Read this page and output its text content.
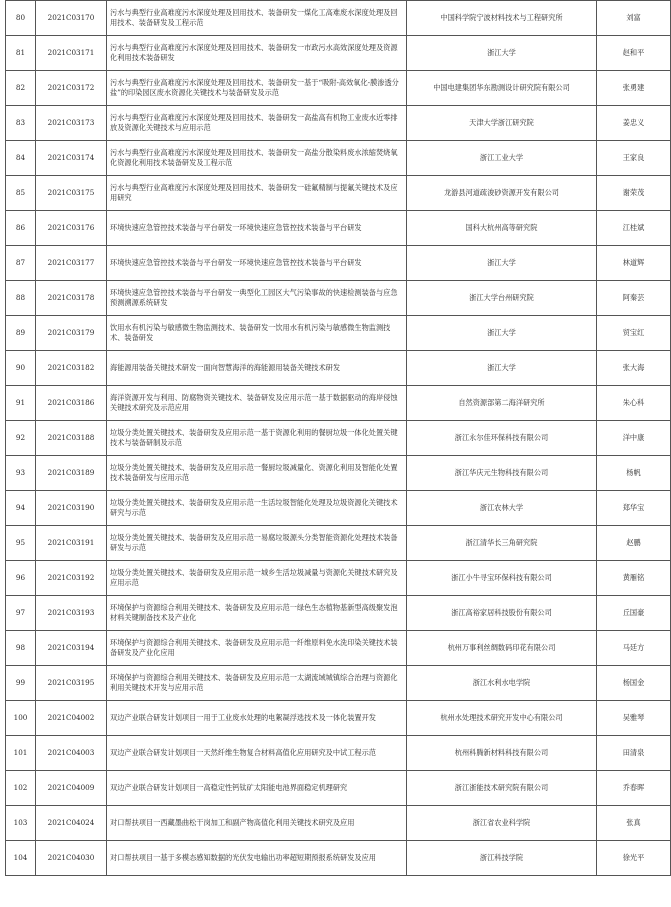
80	2021C03170	污水与典型行业高难度污水深度处理及回用技术、装备研发一煤化工高难废水深度处理及回用技术、装备研发及工程示范	中国科学院宁波材料技术与工程研究所	刘富
81	2021C03171	污水与典型行业高难度污水深度处理及回用技术、装备研发一市政污水高效深度处理及资源化利用技术装备研发	浙江大学	赵和平
82	2021C03172	污水与典型行业高难度污水深度处理及回用技术、装备研发一基于“吸附-高效氧化-膜渗透分盐”的印染园区废水资源化关键技术与装备研发及示范	中国电建集团华东勘测设计研究院有限公司	张勇建
83	2021C03173	污水与典型行业高难度污水深度处理及回用技术、装备研发一高盐高有机物工业废水近零排放及资源化关键技术与应用示范	天津大学浙江研究院	姜忠义
84	2021C03174	污水与典型行业高难度污水深度处理及回用技术、装备研发一高盐分散染料废水浓缩焚烧氧化资源化利用技术装备研发及工程示范	浙江工业大学	王家良
85	2021C03175	污水与典型行业高难度污水深度处理及回用技术、装备研发一硅氟精制与提氟关键技术及应用研究	龙游县河道疏浚砂资源开发有限公司	谢荣茂
86	2021C03176	环境快速应急管控技术装备与平台研发一环境快速应急管控技术装备与平台研发	国科大杭州高等研究院	江桂斌
87	2021C03177	环境快速应急管控技术装备与平台研发一环境快速应急管控技术装备与平台研发	浙江大学	林道辉
88	2021C03178	环境快速应急管控技术装备与平台研发一典型化工园区大气污染事故的快速检测装备与应急预测溯源系统研发	浙江大学台州研究院	阿秦芸
89	2021C03179	饮用水有机污染与敏感微生物监测技术、装备研发一饮用水有机污染与敏感微生物监测技术、装备研发	浙江大学	贸宝红
90	2021C03182	海能源用装备关键技术研发一面向智慧海洋的海能源用装备关键技术研发	浙江大学	张大海
91	2021C03186	海洋资源开发与利用、防腐物资关键技术、装备研发及应用示范一基于数据驱动的海岸侵蚀关键技术研究及示范应用	自然资源部第二海洋研究所	朱心科
92	2021C03188	垃圾分类处置关键技术、装备研发及应用示范一基于资源化利用的餐厨垃圾一体化处置关键技术与装备研制及示范	浙江永尔佳环保科技有限公司	洋中康
93	2021C03189	垃圾分类处置关键技术、装备研发及应用示范一餐厨垃圾减量化、资源化利用及智能化处置技术装备研发与应用示范	浙江华庆元生物科技有限公司	杨帆
94	2021C03190	垃圾分类处置关键技术、装备研发及应用示范一生活垃圾智能化处理及垃圾资源化关键技术研究与示范	浙江农林大学	郑华宝
95	2021C03191	垃圾分类处置关键技术、装备研发及应用示范一易腐垃圾源头分类智能资源化处理技术装备研发与示范	浙江清华长三角研究院	赵鹏
96	2021C03192	垃圾分类处置关键技术、装备研发及应用示范一城乡生活垃圾减量与资源化关键技术研究及应用示范	浙江小牛寻宝环保科技有限公司	黄雁铭
97	2021C03193	环境保护与资源综合利用关键技术、装备研发及应用示范一绿色生态植物基新型高级聚发泡材料关键制备技术及产业化	浙江高裕家居科技股份有限公司	丘国豪
98	2021C03194	环境保护与资源综合利用关键技术、装备研发及应用示范一纤维原料免水洗印染关键技术装备研发及产业化应用	杭州万事利丝绸数码印花有限公司	马廷方
99	2021C03195	环境保护与资源综合利用关键技术、装备研发及应用示范一太湖流域城镇综合治理与资源化利用关键技术开发与应用示范	浙江水利水电学院	杨国金
100	2021C04002	双边产业联合研发计划项目一用于工业废水处理的电絮凝浮选技术及一体化装置开发	杭州水处理技术研究开发中心有限公司	吴雅琴
101	2021C04003	双边产业联合研发计划项目一天然纤维生物复合材料高值化应用研究及中试工程示范	杭州科腾新材料科技有限公司	田清泉
102	2021C04009	双边产业联合研发计划项目一高稳定性钙钛矿太阳能电池界面稳定机理研究	浙江浙能技术研究院有限公司	乔春晖
103	2021C04024	对口帮扶项目一西藏墨曲松干岗加工和副产物高值化利用关键技术研究及应用	浙江省农业科学院	张真
104	2021C04030	对口帮扶项目一基于多模态感知数据的光伏发电输出功率超短期预报系统研发及应用	浙江科技学院	徐光平
